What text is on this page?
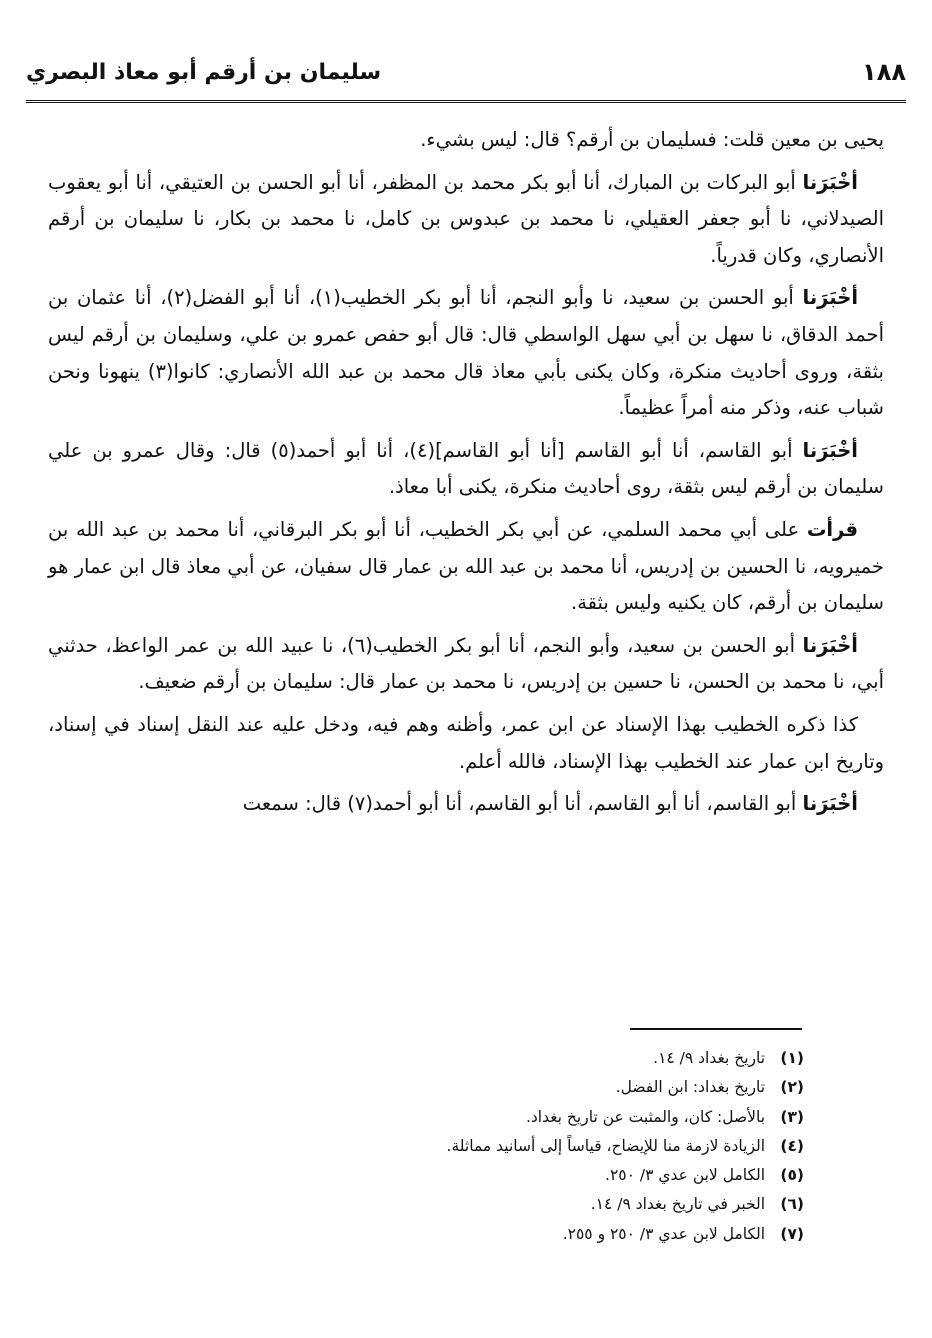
١٨٨
سليمان بن أرقم أبو معاذ البصري

يحيى بن معين قلت: فسليمان بن أرقم؟ قال: ليس بشيء.

أخْبَرَنا أبو البركات بن المبارك، أنا أبو بكر محمد بن المظفر، أنا أبو الحسن بن العتيقي، أنا أبو يعقوب الصيدلاني، نا أبو جعفر العقيلي، نا محمد بن عبدوس بن كامل، نا محمد بن بكار، نا سليمان بن أرقم الأنصاري، وكان قدرياً.

أخْبَرَنا أبو الحسن بن سعيد، نا وأبو النجم، أنا أبو بكر الخطيب(١)، أنا أبو الفضل(٢)، أنا عثمان بن أحمد الدقاق، نا سهل بن أبي سهل الواسطي قال: قال أبو حفص عمرو بن علي، وسليمان بن أرقم ليس بثقة، وروى أحاديث منكرة، وكان يكنى بأبي معاذ قال محمد بن عبد الله الأنصاري: كانوا(٣) ينهونا ونحن شباب عنه، وذكر منه أمراً عظيماً.

أخْبَرَنا أبو القاسم، أنا أبو القاسم [أنا أبو القاسم](٤)، أنا أبو أحمد(٥) قال: وقال عمرو بن علي سليمان بن أرقم ليس بثقة، روى أحاديث منكرة، يكنى أبا معاذ.

قرأت على أبي محمد السلمي، عن أبي بكر الخطيب، أنا أبو بكر البرقاني، أنا محمد بن عبد الله بن خميرويه، نا الحسين بن إدريس، أنا محمد بن عبد الله بن عمار قال سفيان، عن أبي معاذ قال ابن عمار هو سليمان بن أرقم، كان يكنيه وليس بثقة.

أخْبَرَنا أبو الحسن بن سعيد، وأبو النجم، أنا أبو بكر الخطيب(٦)، نا عبيد الله بن عمر الواعظ، حدثني أبي، نا محمد بن الحسن، نا حسين بن إدريس، نا محمد بن عمار قال: سليمان بن أرقم ضعيف.

كذا ذكره الخطيب بهذا الإسناد عن ابن عمر، وأظنه وهم فيه، ودخل عليه عند النقل إسناد في إسناد، وتاريخ ابن عمار عند الخطيب بهذا الإسناد، فالله أعلم.

أخْبَرَنا أبو القاسم، أنا أبو القاسم، أنا أبو القاسم، أنا أبو أحمد(٧) قال: سمعت

(١) تاريخ بغداد ٩/ ١٤.
(٢) تاريخ بغداد: ابن الفضل.
(٣) بالأصل: كان، والمثبت عن تاريخ بغداد.
(٤) الزيادة لازمة منا للإيضاح، قياساً إلى أسانيد مماثلة.
(٥) الكامل لابن عدي ٣/ ٢٥٠.
(٦) الخبر في تاريخ بغداد ٩/ ١٤.
(٧) الكامل لابن عدي ٣/ ٢٥٠ و ٢٥٥.
